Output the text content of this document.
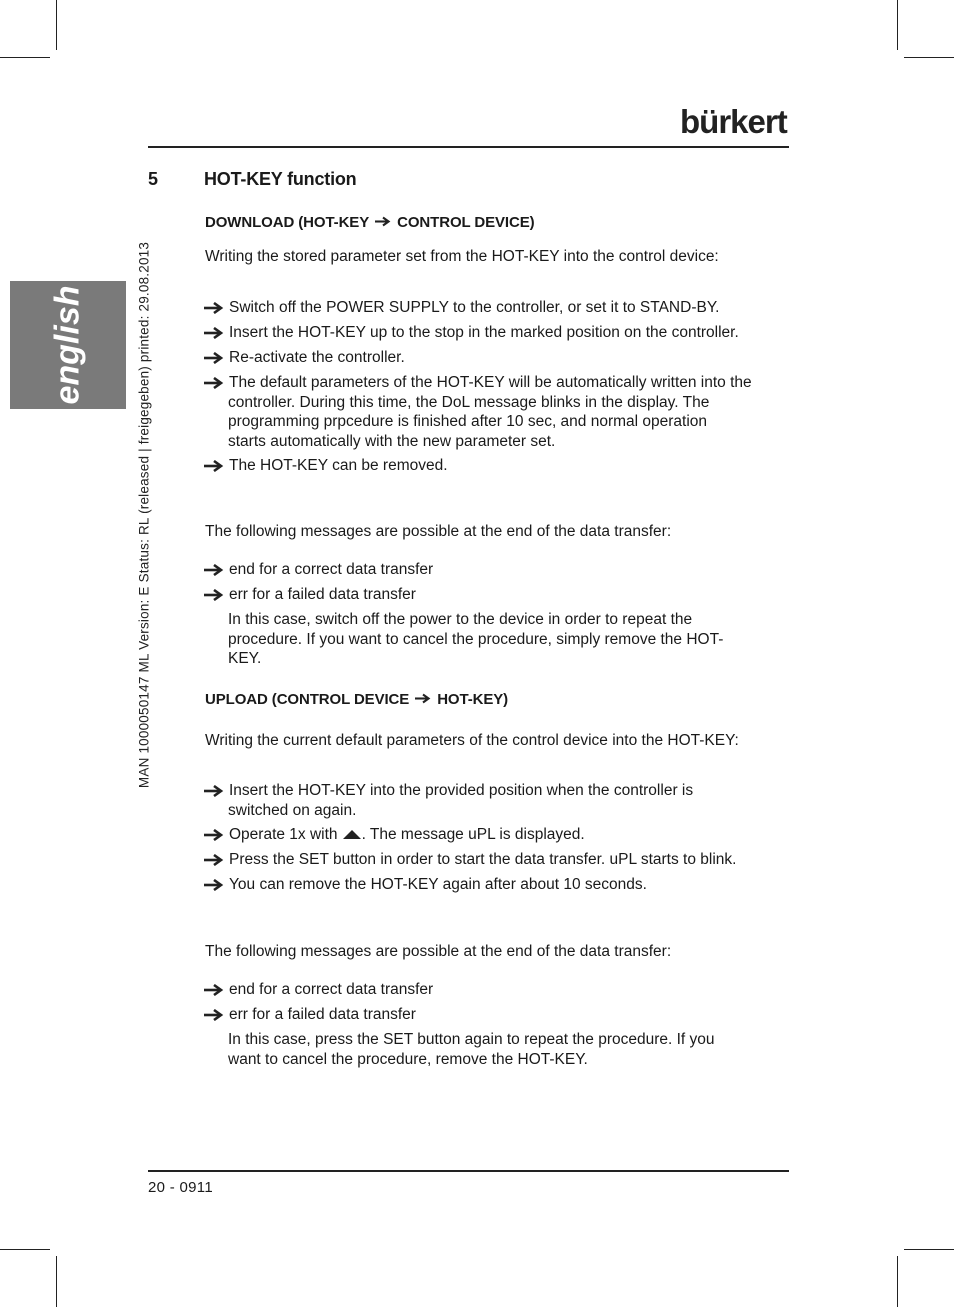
bürkert
english	MAN 1000050147 ML Version: E Status: RL (released | freigegeben) printed: 29.08.2013
5	HOT-KEY function
DOWNLOAD (HOT-KEY CONTROL DEVICE)
Writing the stored parameter set from the HOT-KEY into the control device:
Switch off the POWER SUPPLY to the controller, or set it to STAND-BY.
Insert the HOT-KEY up to the stop in the marked position on the controller.
Re-activate the controller.
The default parameters of the HOT-KEY will be automatically written into the
controller. During this time, the DoL message blinks in the display. The
programming prpcedure is finished after 10 sec, and normal operation
starts automatically with the new parameter set.
The HOT-KEY can be removed.
The following messages are possible at the end of the data transfer:
end for a correct data transfer
err for a failed data transfer
In this case, switch off the power to the device in order to repeat the
procedure. If you want to cancel the procedure, simply remove the HOT-
KEY.
UPLOAD (CONTROL DEVICE HOT-KEY)
Writing the current default parameters of the control device into the HOT-KEY:
Insert the HOT-KEY into the provided position when the controller is
switched on again.
Operate 1x with . The message uPL is displayed.
Press the SET button in order to start the data transfer. uPL starts to blink.
You can remove the HOT-KEY again after about 10 seconds.
The following messages are possible at the end of the data transfer:
end for a correct data transfer
err for a failed data transfer
In this case, press the SET button again to repeat the procedure. If you
want to cancel the procedure, remove the HOT-KEY.
20 - 0911
